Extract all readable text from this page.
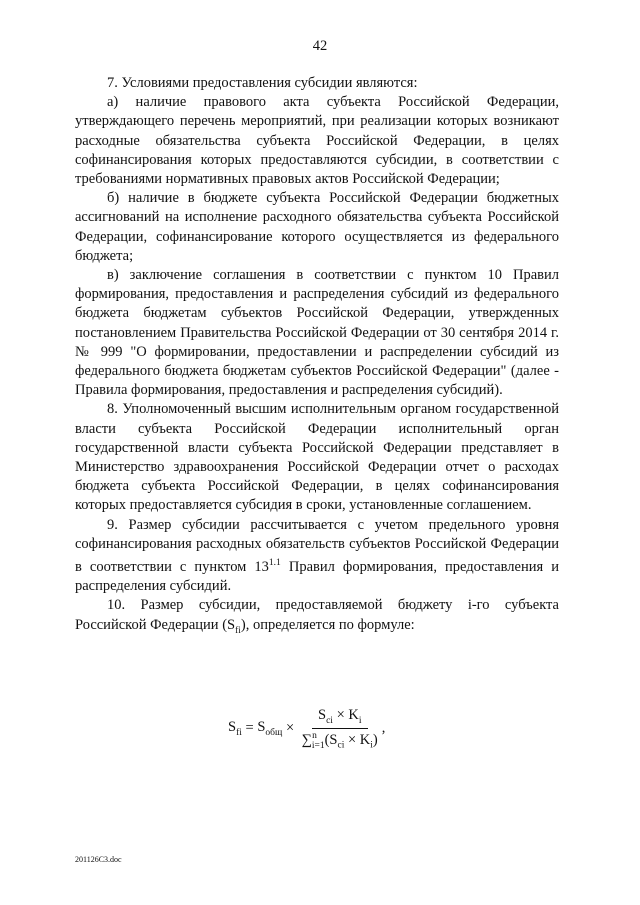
42

7. Условиями предоставления субсидии являются:

а) наличие правового акта субъекта Российской Федерации, утверждающего перечень мероприятий, при реализации которых возникают расходные обязательства субъекта Российской Федерации, в целях софинансирования которых предоставляются субсидии, в соответствии с требованиями нормативных правовых актов Российской Федерации;

б) наличие в бюджете субъекта Российской Федерации бюджетных ассигнований на исполнение расходного обязательства субъекта Российской Федерации, софинансирование которого осуществляется из федерального бюджета;

в) заключение соглашения в соответствии с пунктом 10 Правил формирования, предоставления и распределения субсидий из федерального бюджета бюджетам субъектов Российской Федерации, утвержденных постановлением Правительства Российской Федерации от 30 сентября 2014 г. № 999 "О формировании, предоставлении и распределении субсидий из федерального бюджета бюджетам субъектов Российской Федерации" (далее - Правила формирования, предоставления и распределения субсидий).

8. Уполномоченный высшим исполнительным органом государственной власти субъекта Российской Федерации исполнительный орган государственной власти субъекта Российской Федерации представляет в Министерство здравоохранения Российской Федерации отчет о расходах бюджета субъекта Российской Федерации, в целях софинансирования которых предоставляется субсидия в сроки, установленные соглашением.

9. Размер субсидии рассчитывается с учетом предельного уровня софинансирования расходных обязательств субъектов Российской Федерации в соответствии с пунктом $13^{1.1}$ Правил формирования, предоставления и распределения субсидий.

10. Размер субсидии, предоставляемой бюджету i-го субъекта Российской Федерации $(S_{fi})$, определяется по формуле:

$S_{fi} = S_{общ} \times \frac{S_{ci} \times K_i}{\sum^n_{i=1}(S_{ci} \times K_i)}$ ,
201126C3.doc
